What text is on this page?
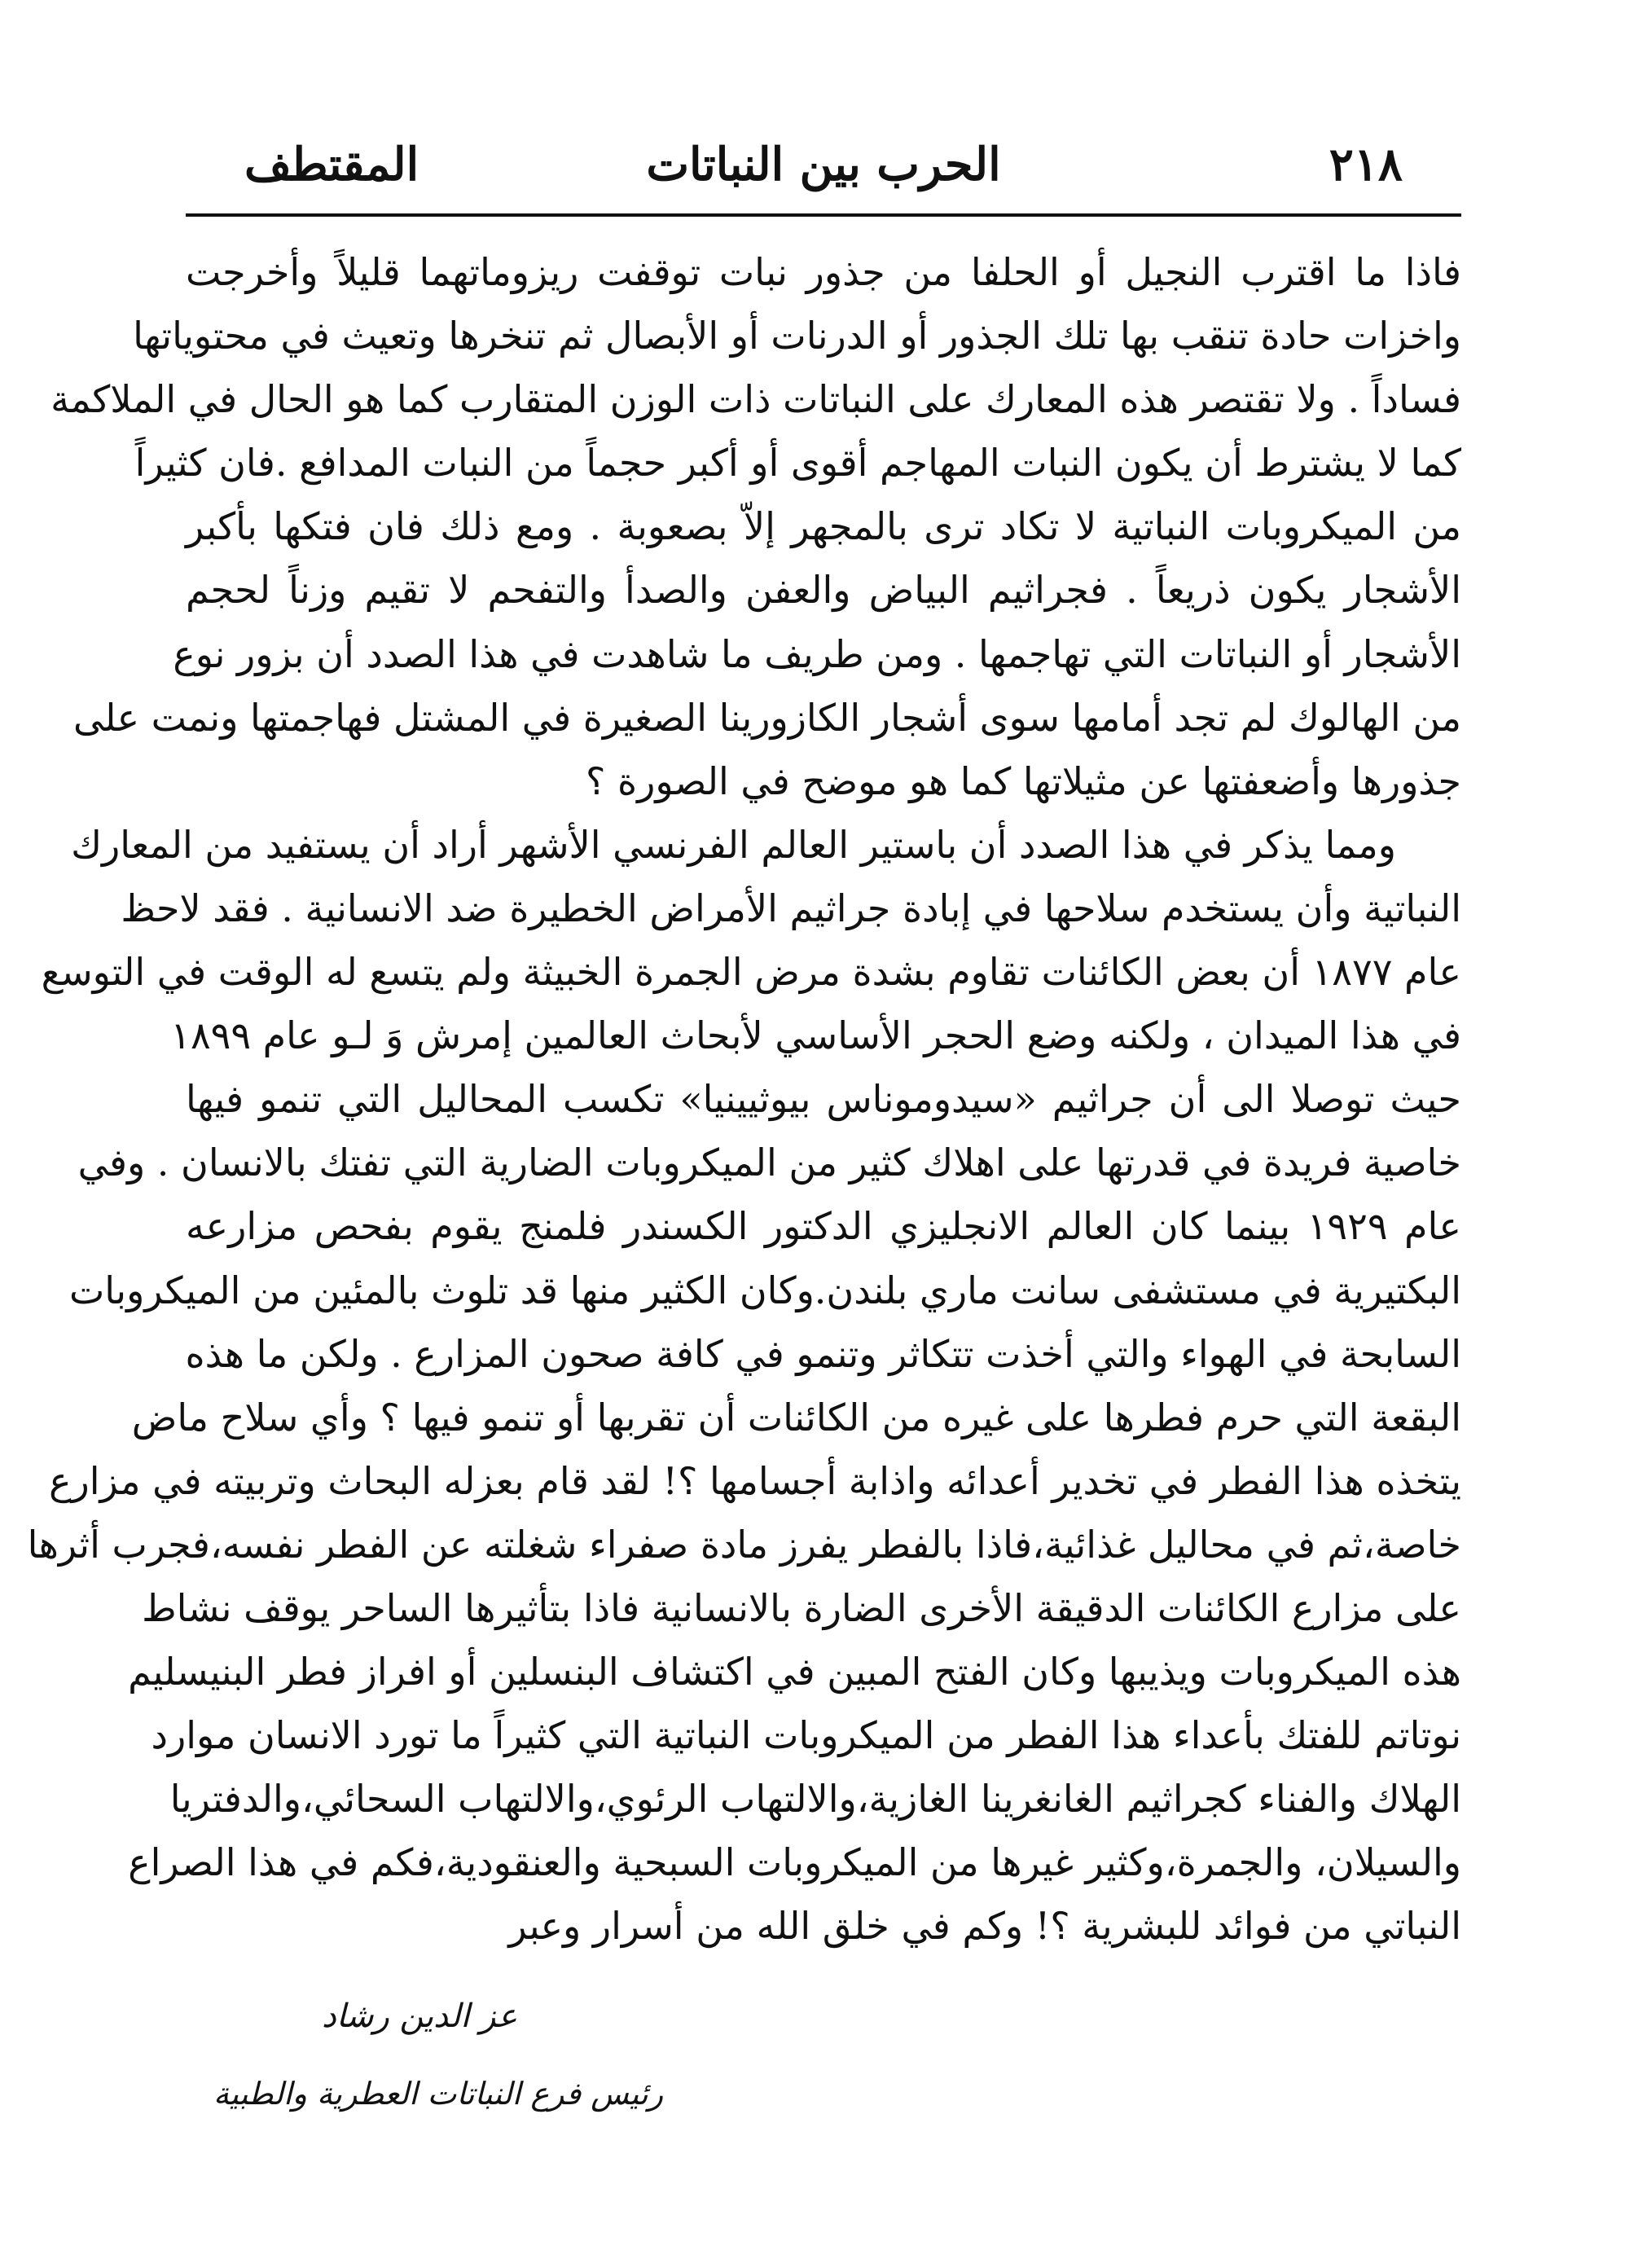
٢١٨
الحرب بين النباتات
المقتطف
فاذا ما اقترب النجيل أو الحلفا من جذور نبات توقفت ريزوماتهما قليلاً وأخرجت
واخزات حادة تنقب بها تلك الجذور أو الدرنات أو الأبصال ثم تنخرها وتعيث في محتوياتها
فساداً . ولا تقتصر هذه المعارك على النباتات ذات الوزن المتقارب كما هو الحال في الملاكمة
كما لا يشترط أن يكون النبات المهاجم أقوى أو أكبر حجماً من النبات المدافع .فان كثيراً
من الميكروبات النباتية لا تكاد ترى بالمجهر إلاّ بصعوبة . ومع ذلك فان فتكها بأكبر
الأشجار يكون ذريعاً . فجراثيم البياض والعفن والصدأ والتفحم لا تقيم وزناً لحجم
الأشجار أو النباتات التي تهاجمها . ومن طريف ما شاهدت في هذا الصدد أن بزور نوع
من الهالوك لم تجد أمامها سوى أشجار الكازورينا الصغيرة في المشتل فهاجمتها ونمت على
جذورها وأضعفتها عن مثيلاتها كما هو موضح في الصورة ؟
ومما يذكر في هذا الصدد أن باستير العالم الفرنسي الأشهر أراد أن يستفيد من المعارك
النباتية وأن يستخدم سلاحها في إبادة جراثيم الأمراض الخطيرة ضد الانسانية . فقد لاحظ
عام ١٨٧٧ أن بعض الكائنات تقاوم بشدة مرض الجمرة الخبيثة ولم يتسع له الوقت في التوسع
في هذا الميدان ، ولكنه وضع الحجر الأساسي لأبحاث العالمين إمرش وَ لـو عام ١٨٩٩
حيث توصلا الى أن جراثيم «سيدوموناس بيوثيينيا» تكسب المحاليل التي تنمو فيها
خاصية فريدة في قدرتها على اهلاك كثير من الميكروبات الضارية التي تفتك بالانسان . وفي
عام ١٩٢٩ بينما كان العالم الانجليزي الدكتور الكسندر فلمنج يقوم بفحص مزارعه
البكتيرية في مستشفى سانت ماري بلندن.وكان الكثير منها قد تلوث بالمئين من الميكروبات
السابحة في الهواء والتي أخذت تتكاثر وتنمو في كافة صحون المزارع . ولكن ما هذه
البقعة التي حرم فطرها على غيره من الكائنات أن تقربها أو تنمو فيها ؟ وأي سلاح ماض
يتخذه هذا الفطر في تخدير أعدائه واذابة أجسامها ؟! لقد قام بعزله البحاث وتربيته في مزارع
خاصة،ثم في محاليل غذائية،فاذا بالفطر يفرز مادة صفراء شغلته عن الفطر نفسه،فجرب أثرها
على مزارع الكائنات الدقيقة الأخرى الضارة بالانسانية فاذا بتأثيرها الساحر يوقف نشاط
هذه الميكروبات ويذيبها وكان الفتح المبين في اكتشاف البنسلين أو افراز فطر البنيسليم
نوتاتم للفتك بأعداء هذا الفطر من الميكروبات النباتية التي كثيراً ما تورد الانسان موارد
الهلاك والفناء كجراثيم الغانغرينا الغازية،والالتهاب الرئوي،والالتهاب السحائي،والدفتريا
والسيلان، والجمرة،وكثير غيرها من الميكروبات السبحية والعنقودية،فكم في هذا الصراع
النباتي من فوائد للبشرية ؟! وكم في خلق الله من أسرار وعبر
عز الدين رشاد
رئيس فرع النباتات العطرية والطبية
